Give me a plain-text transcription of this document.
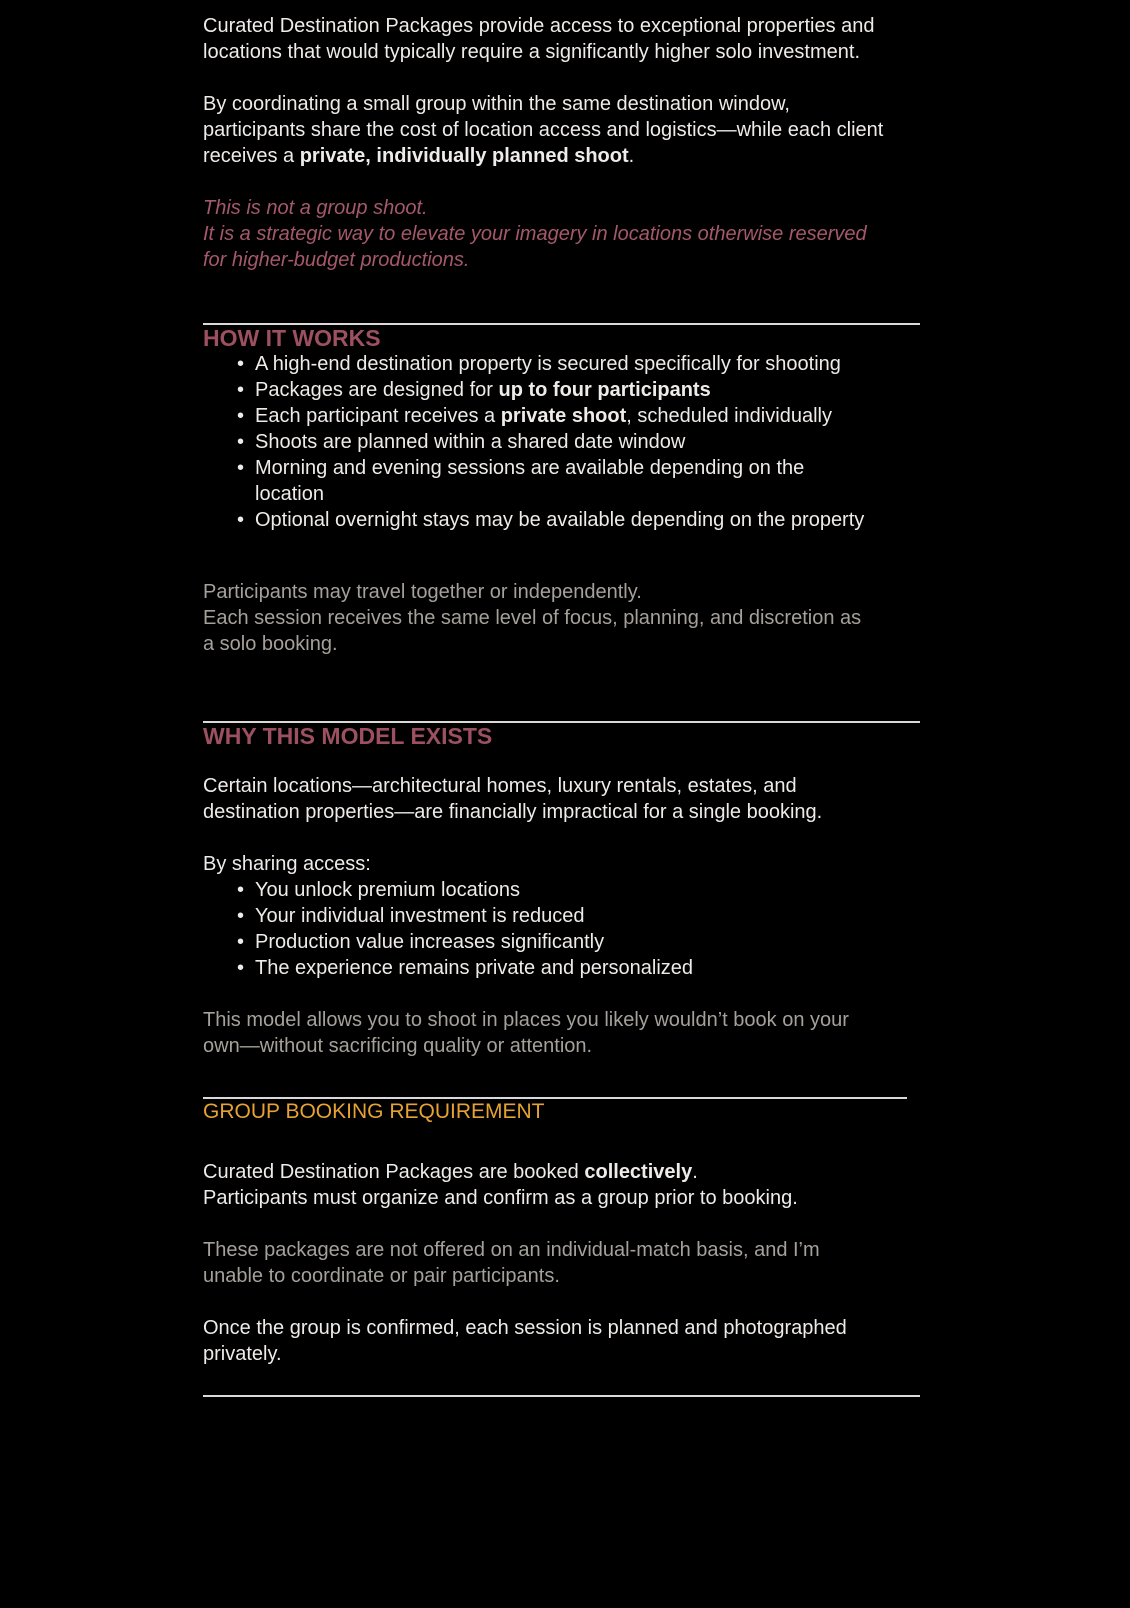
Curated Destination Packages provide access to exceptional properties and locations that would typically require a significantly higher solo investment.

By coordinating a small group within the same destination window, participants share the cost of location access and logistics—while each client receives a private, individually planned shoot.

This is not a group shoot.
It is a strategic way to elevate your imagery in locations otherwise reserved for higher-budget productions.

HOW IT WORKS
• A high-end destination property is secured specifically for shooting
• Packages are designed for up to four participants
• Each participant receives a private shoot, scheduled individually
• Shoots are planned within a shared date window
• Morning and evening sessions are available depending on the location
• Optional overnight stays may be available depending on the property

Participants may travel together or independently.
Each session receives the same level of focus, planning, and discretion as a solo booking.

WHY THIS MODEL EXISTS

Certain locations—architectural homes, luxury rentals, estates, and destination properties—are financially impractical for a single booking.

By sharing access:

• You unlock premium locations
• Your individual investment is reduced
• Production value increases significantly
• The experience remains private and personalized

This model allows you to shoot in places you likely wouldn’t book on your own—without sacrificing quality or attention.

GROUP BOOKING REQUIREMENT

Curated Destination Packages are booked collectively.
Participants must organize and confirm as a group prior to booking.

These packages are not offered on an individual-match basis, and I’m unable to coordinate or pair participants.

Once the group is confirmed, each session is planned and photographed privately.
